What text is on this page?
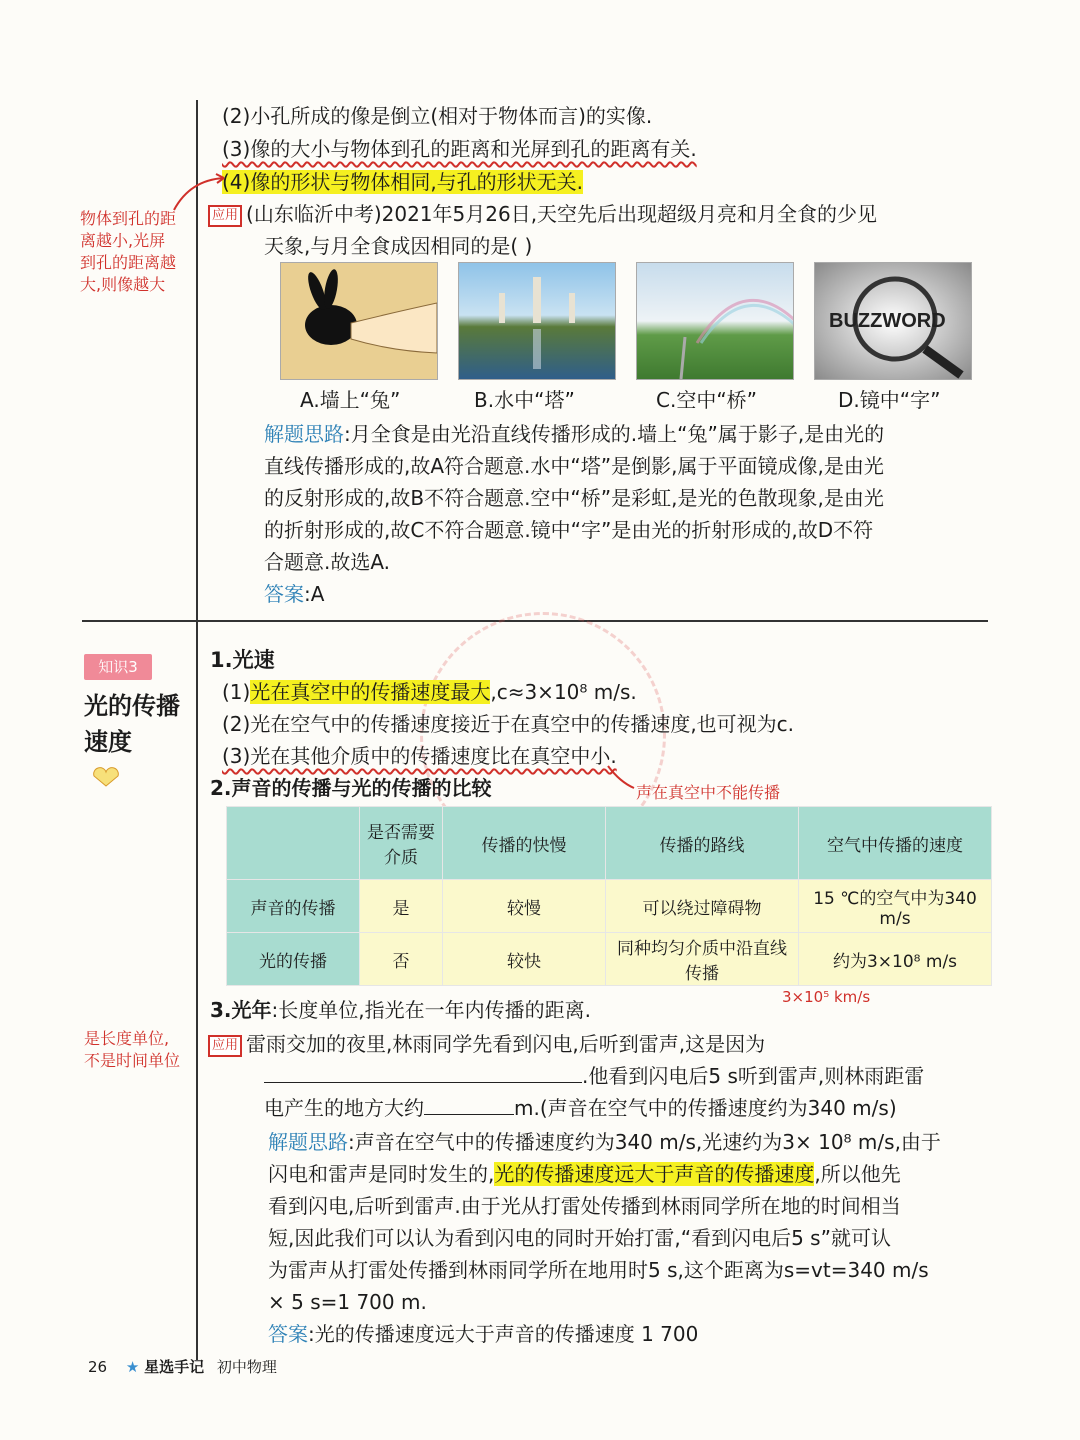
(2)小孔所成的像是倒立(相对于物体而言)的实像.
(3)像的大小与物体到孔的距离和光屏到孔的距离有关.
(4)像的形状与物体相同,与孔的形状无关.
物体到孔的距
离越小,光屏
到孔的距离越
大,则像越大
应用 (山东临沂中考)2021年5月26日,天空先后出现超级月亮和月全食的少见
天象,与月全食成因相同的是( )
BUZZWORD
A.墙上“兔”	B.水中“塔”	C.空中“桥”	D.镜中“字”
解题思路:月全食是由光沿直线传播形成的.墙上“兔”属于影子,是由光的
直线传播形成的,故A符合题意.水中“塔”是倒影,属于平面镜成像,是由光
的反射形成的,故B不符合题意.空中“桥”是彩虹,是光的色散现象,是由光
的折射形成的,故C不符合题意.镜中“字”是由光的折射形成的,故D不符
合题意.故选A.
答案:A
知识3
光的传播速度
1.光速
(1)光在真空中的传播速度最大,c≈3×10⁸ m/s.
(2)光在空气中的传播速度接近于在真空中的传播速度,也可视为c.
(3)光在其他介质中的传播速度比在真空中小.
2.声音的传播与光的传播的比较	声在真空中不能传播
	是否需要介质	传播的快慢	传播的路线	空气中传播的速度
声音的传播	是	较慢	可以绕过障碍物	15 ℃的空气中为340 m/s
光的传播	否	较快	同种均匀介质中沿直线传播	约为3×10⁸ m/s
3×10⁵ km/s
3.光年:长度单位,指光在一年内传播的距离.
是长度单位,
不是时间单位
应用 雷雨交加的夜里,林雨同学先看到闪电,后听到雷声,这是因为
.他看到闪电后5 s听到雷声,则林雨距雷
电产生的地方大约	m.(声音在空气中的传播速度约为340 m/s)
解题思路:声音在空气中的传播速度约为340 m/s,光速约为3× 10⁸ m/s,由于
闪电和雷声是同时发生的,光的传播速度远大于声音的传播速度,所以他先
看到闪电,后听到雷声.由于光从打雷处传播到林雨同学所在地的时间相当
短,因此我们可以认为看到闪电的同时开始打雷,“看到闪电后5 s”就可认
为雷声从打雷处传播到林雨同学所在地用时5 s,这个距离为s=vt=340 m/s
× 5 s=1 700 m.
答案:光的传播速度远大于声音的传播速度 1 700
26 ★ 星选手记 初中物理
